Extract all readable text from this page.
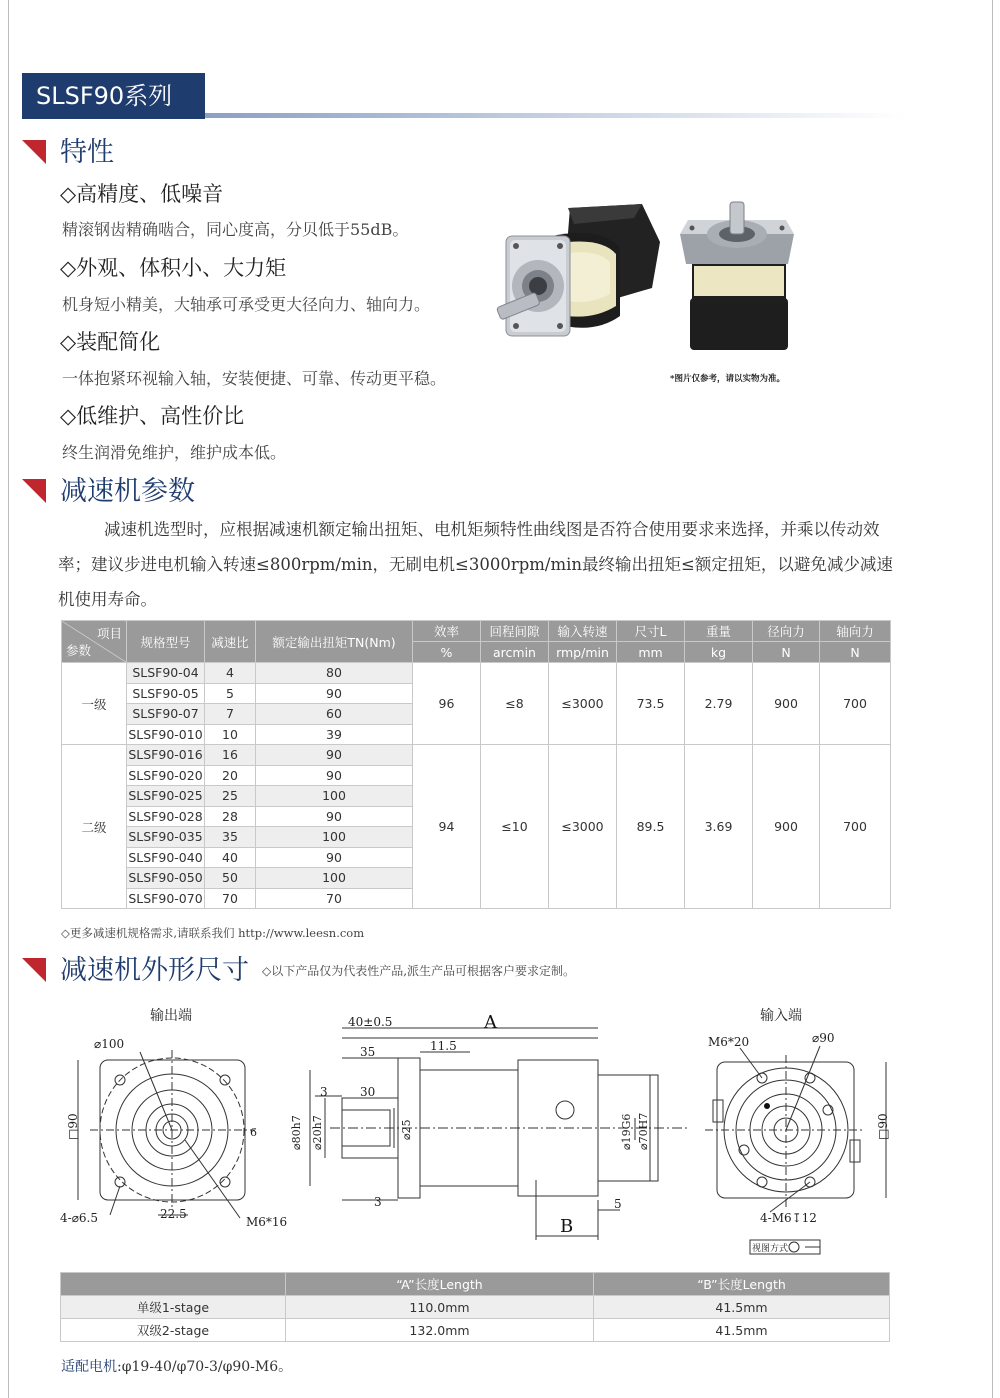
SLSF90系列
特性
◇高精度、低噪音
精滚钢齿精确啮合，同心度高，分贝低于55dB。
◇外观、体积小、大力矩
机身短小精美，大轴承可承受更大径向力、轴向力。
◇装配简化
一体抱紧环视输入轴，安装便捷、可靠、传动更平稳。
◇低维护、高性价比
终生润滑免维护，维护成本低。
*图片仅参考，请以实物为准。
减速机参数
减速机选型时，应根据减速机额定输出扭矩、电机矩频特性曲线图是否符合使用要求来选择，并乘以传动效率；建议步进电机输入转速≤800rpm/min，无刷电机≤3000rpm/min最终输出扭矩≤额定扭矩，以避免减少减速机使用寿命。
项目
参数	规格型号	减速比	额定输出扭矩TN(Nm)	效率	回程间隙	输入转速	尺寸L	重量	径向力	轴向力
				%	arcmin	rmp/min	mm	kg	N	N
一级	SLSF90-04	4	80	96	≤8	≤3000	73.5	2.79	900	700
	SLSF90-05	5	90							
	SLSF90-07	7	60							
	SLSF90-010	10	39							
二级	SLSF90-016	16	90	94	≤10	≤3000	89.5	3.69	900	700
	SLSF90-020	20	90							
	SLSF90-025	25	100							
	SLSF90-028	28	90							
	SLSF90-035	35	100							
	SLSF90-040	40	90							
	SLSF90-050	50	100							
	SLSF90-070	70	70							
◇更多减速机规格需求,请联系我们 http://www.leesn.com
减速机外形尺寸 ◇以下产品仅为代表性产品,派生产品可根据客户要求定制。
输出端	输入端
⌀100
□90	6
4-⌀6.5	22.5
M6*16
40±0.5	A
35	11.5
3	30
⌀80h7 ⌀20h7	⌀25	⌀19G6 ⌀70H7
3	5
B
M6*20	⌀90
□90
4-M6↧12
视图方式
	“A”长度Length	“B”长度Length
单级1-stage	110.0mm	41.5mm
双级2-stage	132.0mm	41.5mm
适配电机:φ19-40/φ70-3/φ90-M6。
